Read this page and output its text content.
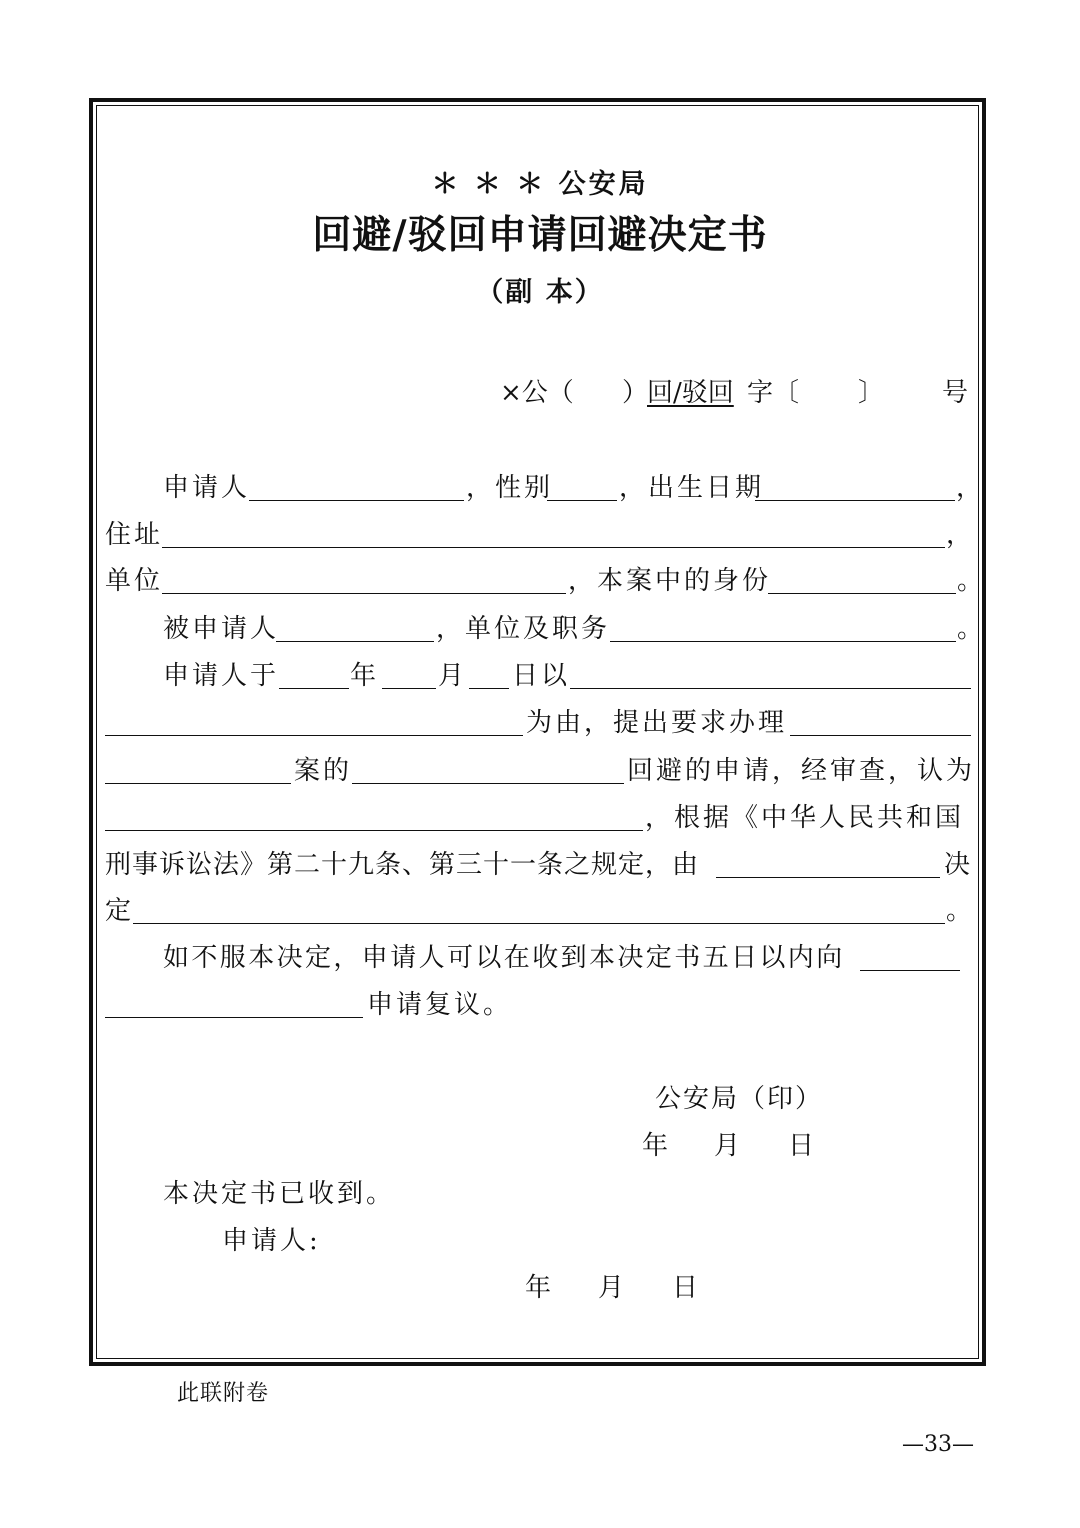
＊ ＊ ＊ 公安局
回避/驳回申请回避决定书
（副 本）
×公（ ）
回/驳回 字〔 〕 号
申请人	，性别	，出生日期	，
住址	，
单位	，本案中的身份	。
被申请人	，单位及职务	。
申请人于	年 月 日以
为由，提出要求办理
案的	回避的申请，经审查，认为
，根据《中华人民共和国
刑事诉讼法》第二十九条、第三十一条之规定，由	决
定	。
如不服本决定，申请人可以在收到本决定书五日以内向
申请复议。
公安局（印）
年 月 日
本决定书已收到。
申请人:
年 月 日
此联附卷
—33—
